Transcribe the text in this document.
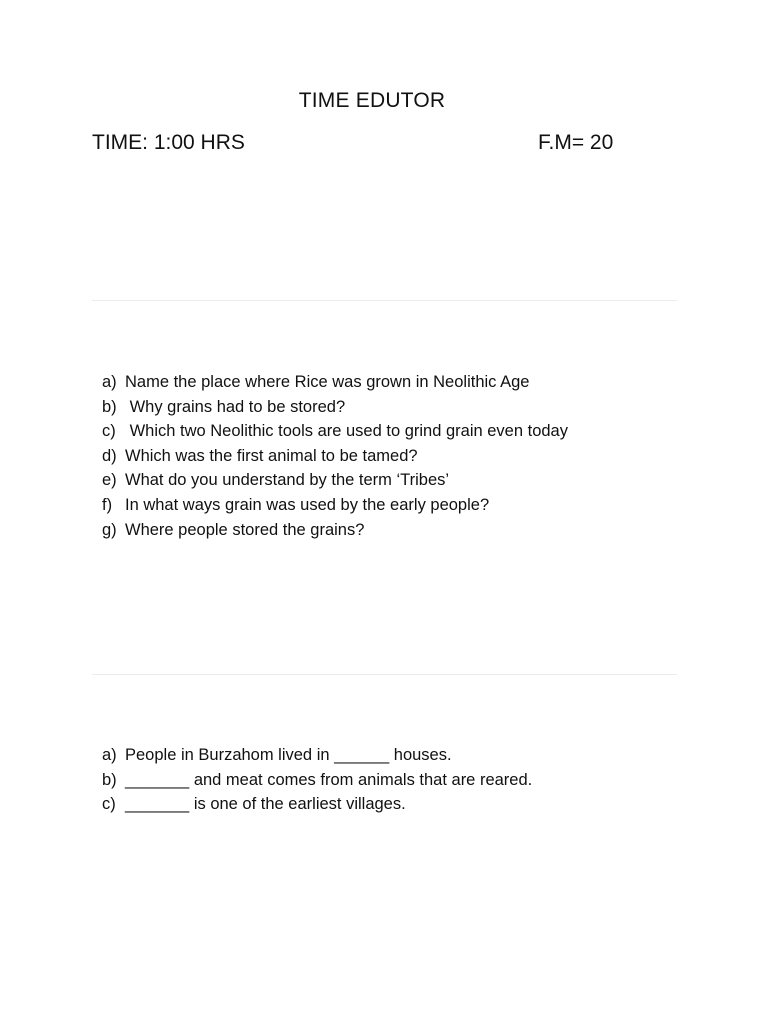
TIME EDUTOR
TIME: 1:00 HRS	F.M= 20
a) Name the place where Rice was grown in Neolithic Age
b) Why grains had to be stored?
c) Which two Neolithic tools are used to grind grain even today
d) Which was the first animal to be tamed?
e) What do you understand by the term ‘Tribes’
f) In what ways grain was used by the early people?
g) Where people stored the grains?
a) People in Burzahom lived in ______ houses.
b) _______ and meat comes from animals that are reared.
c) _______ is one of the earliest villages.
